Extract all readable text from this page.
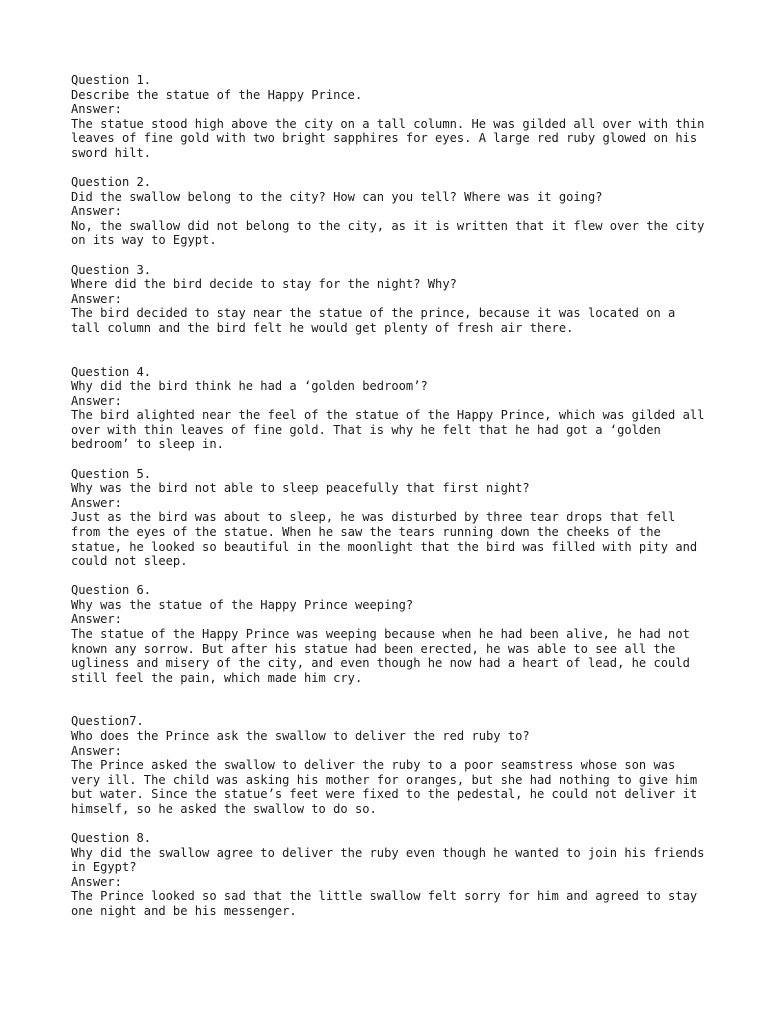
Question 1.
Describe the statue of the Happy Prince.
Answer:
The statue stood high above the city on a tall column. He was gilded all over with thin leaves of fine gold with two bright sapphires for eyes. A large red ruby glowed on his sword hilt.
Question 2.
Did the swallow belong to the city? How can you tell? Where was it going?
Answer:
No, the swallow did not belong to the city, as it is written that it flew over the city on its way to Egypt.
Question 3.
Where did the bird decide to stay for the night? Why?
Answer:
The bird decided to stay near the statue of the prince, because it was located on a tall column and the bird felt he would get plenty of fresh air there.
Question 4.
Why did the bird think he had a ‘golden bedroom’?
Answer:
The bird alighted near the feel of the statue of the Happy Prince, which was gilded all over with thin leaves of fine gold. That is why he felt that he had got a ‘golden bedroom’ to sleep in.
Question 5.
Why was the bird not able to sleep peacefully that first night?
Answer:
Just as the bird was about to sleep, he was disturbed by three tear drops that fell from the eyes of the statue. When he saw the tears running down the cheeks of the statue, he looked so beautiful in the moonlight that the bird was filled with pity and could not sleep.
Question 6.
Why was the statue of the Happy Prince weeping?
Answer:
The statue of the Happy Prince was weeping because when he had been alive, he had not known any sorrow. But after his statue had been erected, he was able to see all the ugliness and misery of the city, and even though he now had a heart of lead, he could still feel the pain, which made him cry.
Question7.
Who does the Prince ask the swallow to deliver the red ruby to?
Answer:
The Prince asked the swallow to deliver the ruby to a poor seamstress whose son was very ill. The child was asking his mother for oranges, but she had nothing to give him but water. Since the statue’s feet were fixed to the pedestal, he could not deliver it himself, so he asked the swallow to do so.
Question 8.
Why did the swallow agree to deliver the ruby even though he wanted to join his friends in Egypt?
Answer:
The Prince looked so sad that the little swallow felt sorry for him and agreed to stay one night and be his messenger.
